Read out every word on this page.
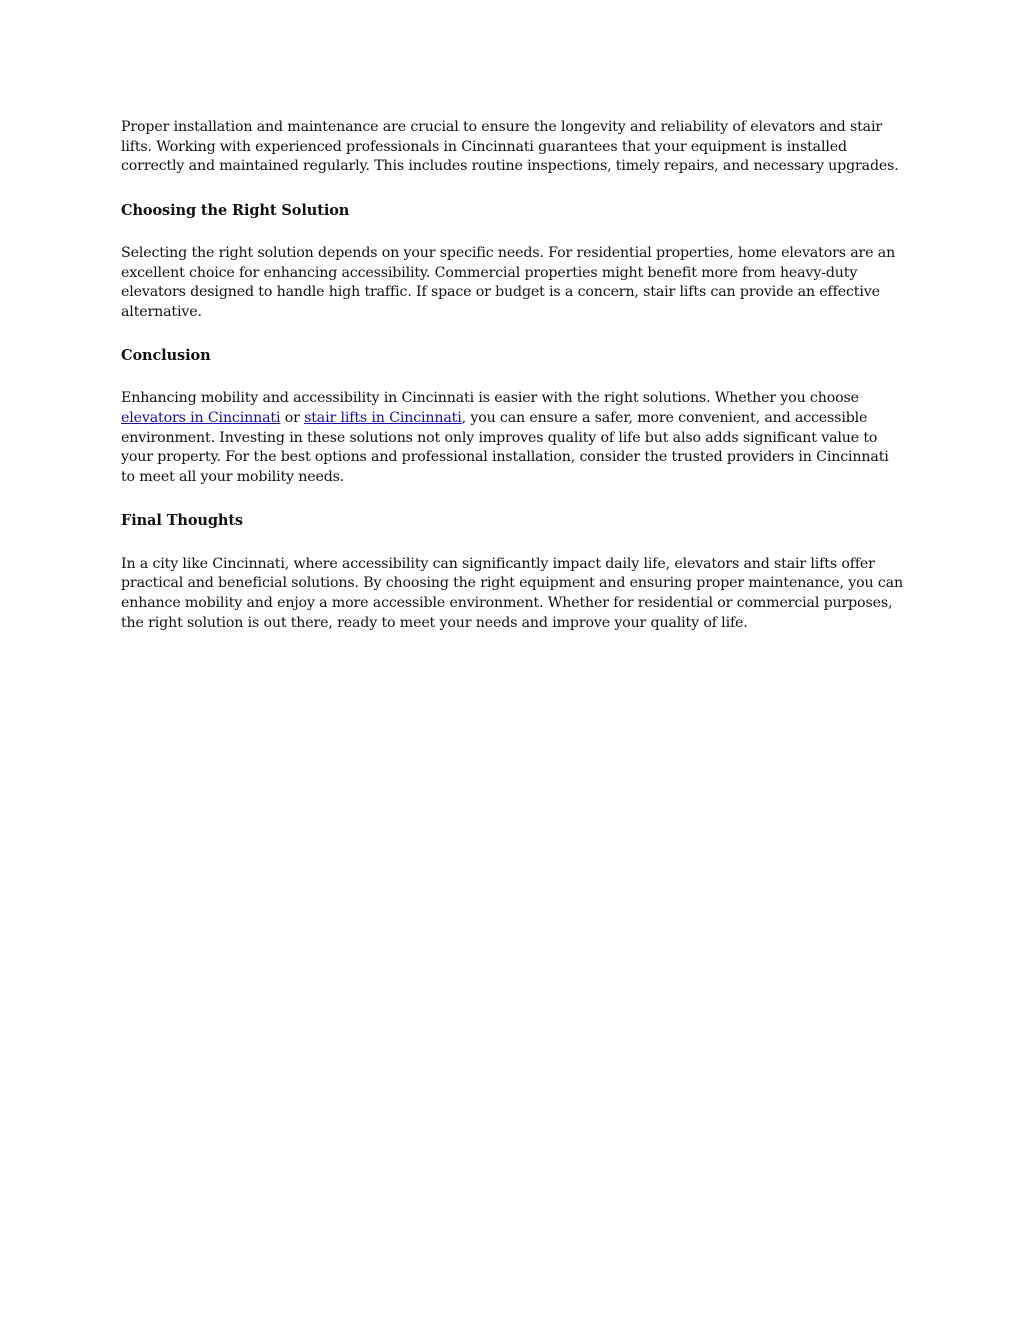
Proper installation and maintenance are crucial to ensure the longevity and reliability of elevators and stair lifts. Working with experienced professionals in Cincinnati guarantees that your equipment is installed correctly and maintained regularly. This includes routine inspections, timely repairs, and necessary upgrades.

Choosing the Right Solution

Selecting the right solution depends on your specific needs. For residential properties, home elevators are an excellent choice for enhancing accessibility. Commercial properties might benefit more from heavy-duty elevators designed to handle high traffic. If space or budget is a concern, stair lifts can provide an effective alternative.

Conclusion

Enhancing mobility and accessibility in Cincinnati is easier with the right solutions. Whether you choose elevators in Cincinnati or stair lifts in Cincinnati, you can ensure a safer, more convenient, and accessible environment. Investing in these solutions not only improves quality of life but also adds significant value to your property. For the best options and professional installation, consider the trusted providers in Cincinnati to meet all your mobility needs.

Final Thoughts

In a city like Cincinnati, where accessibility can significantly impact daily life, elevators and stair lifts offer practical and beneficial solutions. By choosing the right equipment and ensuring proper maintenance, you can enhance mobility and enjoy a more accessible environment. Whether for residential or commercial purposes, the right solution is out there, ready to meet your needs and improve your quality of life.
